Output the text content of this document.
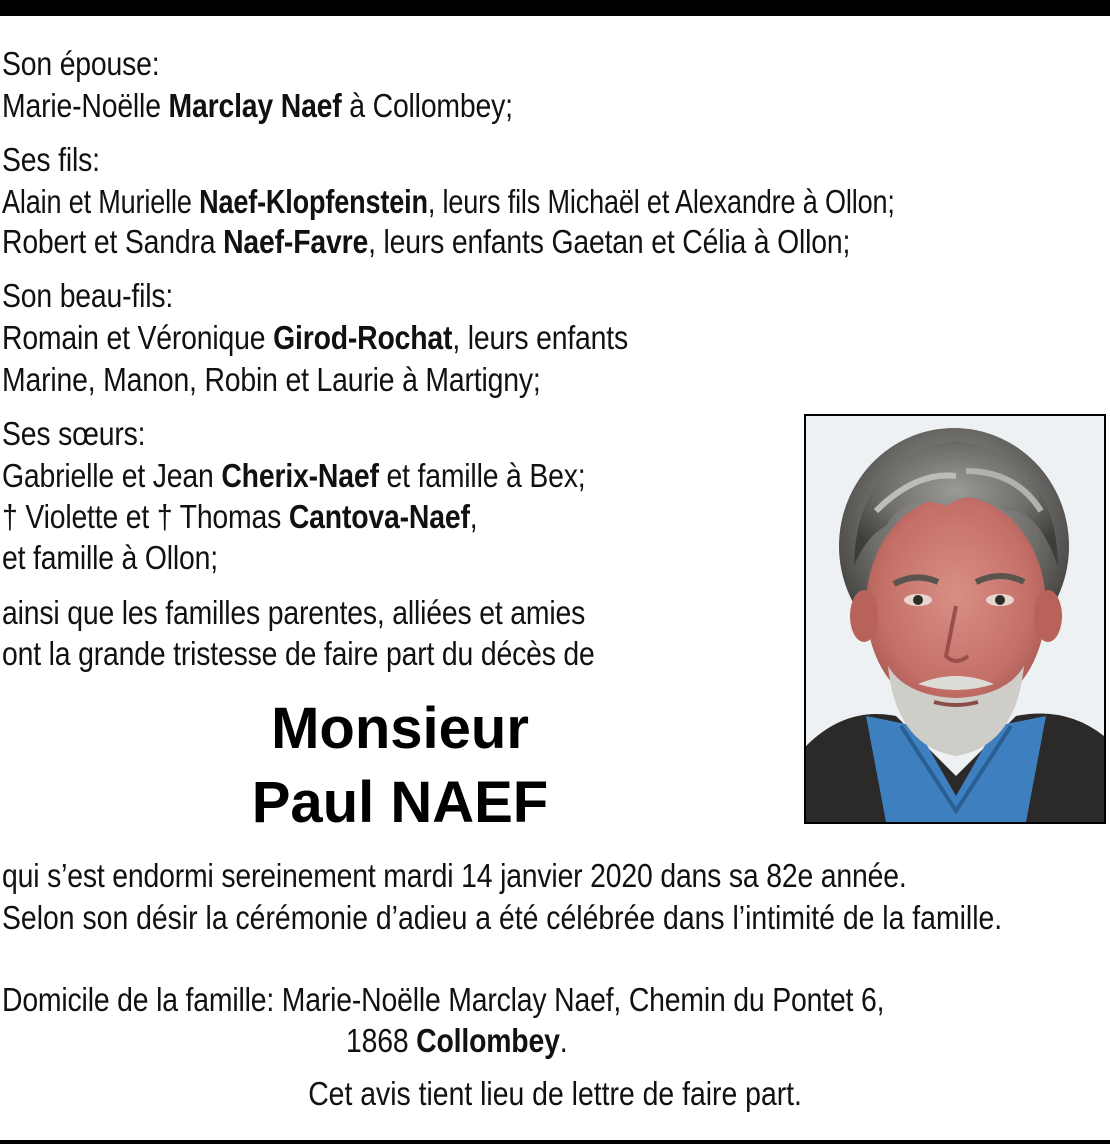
Son épouse:
Marie-Noëlle Marclay Naef à Collombey;
Ses fils:
Alain et Murielle Naef-Klopfenstein, leurs fils Michaël et Alexandre à Ollon;
Robert et Sandra Naef-Favre, leurs enfants Gaetan et Célia à Ollon;
Son beau-fils:
Romain et Véronique Girod-Rochat, leurs enfants
Marine, Manon, Robin et Laurie à Martigny;
Ses sœurs:
Gabrielle et Jean Cherix-Naef et famille à Bex;
† Violette et † Thomas Cantova-Naef,
et famille à Ollon;
ainsi que les familles parentes, alliées et amies
ont la grande tristesse de faire part du décès de
Monsieur
Paul NAEF
qui s’est endormi sereinement mardi 14 janvier 2020 dans sa 82e année.
Selon son désir la cérémonie d’adieu a été célébrée dans l’intimité de la famille.
Domicile de la famille: Marie-Noëlle Marclay Naef, Chemin du Pontet 6,
1868 Collombey.
Cet avis tient lieu de lettre de faire part.
